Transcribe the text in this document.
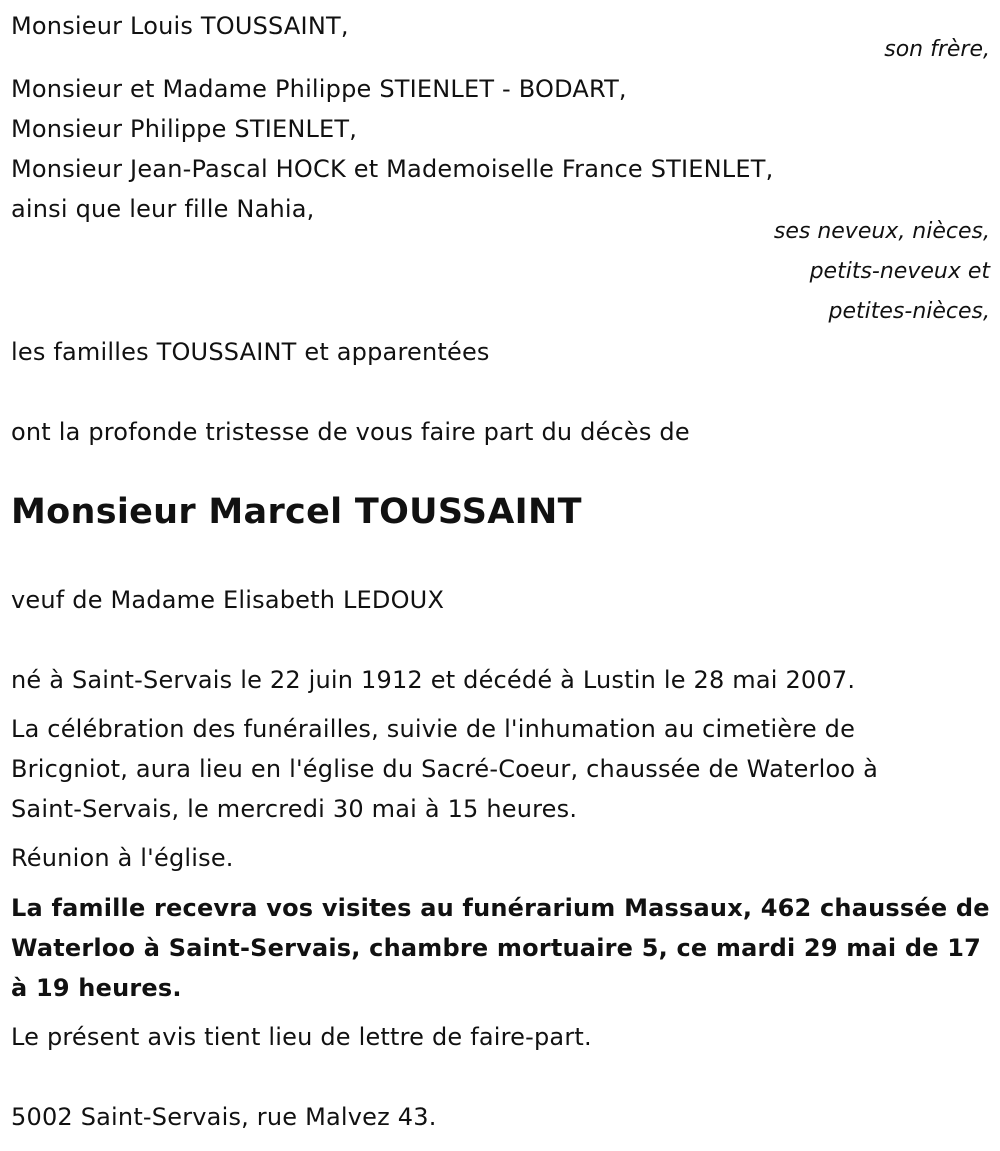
Monsieur Louis TOUSSAINT,
son frère,
Monsieur et Madame Philippe STIENLET - BODART,
Monsieur Philippe STIENLET,
Monsieur Jean-Pascal HOCK et Mademoiselle France STIENLET,
ainsi que leur fille Nahia,
ses neveux, nièces,
petits-neveux et
petites-nièces,
les familles TOUSSAINT et apparentées
ont la profonde tristesse de vous faire part du décès de
Monsieur Marcel TOUSSAINT
veuf de Madame Elisabeth LEDOUX
né à Saint-Servais le 22 juin 1912 et décédé à Lustin le 28 mai 2007.
La célébration des funérailles, suivie de l'inhumation au cimetière de
Bricgniot, aura lieu en l'église du Sacré-Coeur, chaussée de Waterloo à
Saint-Servais, le mercredi 30 mai à 15 heures.
Réunion à l'église.
La famille recevra vos visites au funérarium Massaux, 462 chaussée de
Waterloo à Saint-Servais, chambre mortuaire 5, ce mardi 29 mai de 17
à 19 heures.
Le présent avis tient lieu de lettre de faire-part.
5002 Saint-Servais, rue Malvez 43.
